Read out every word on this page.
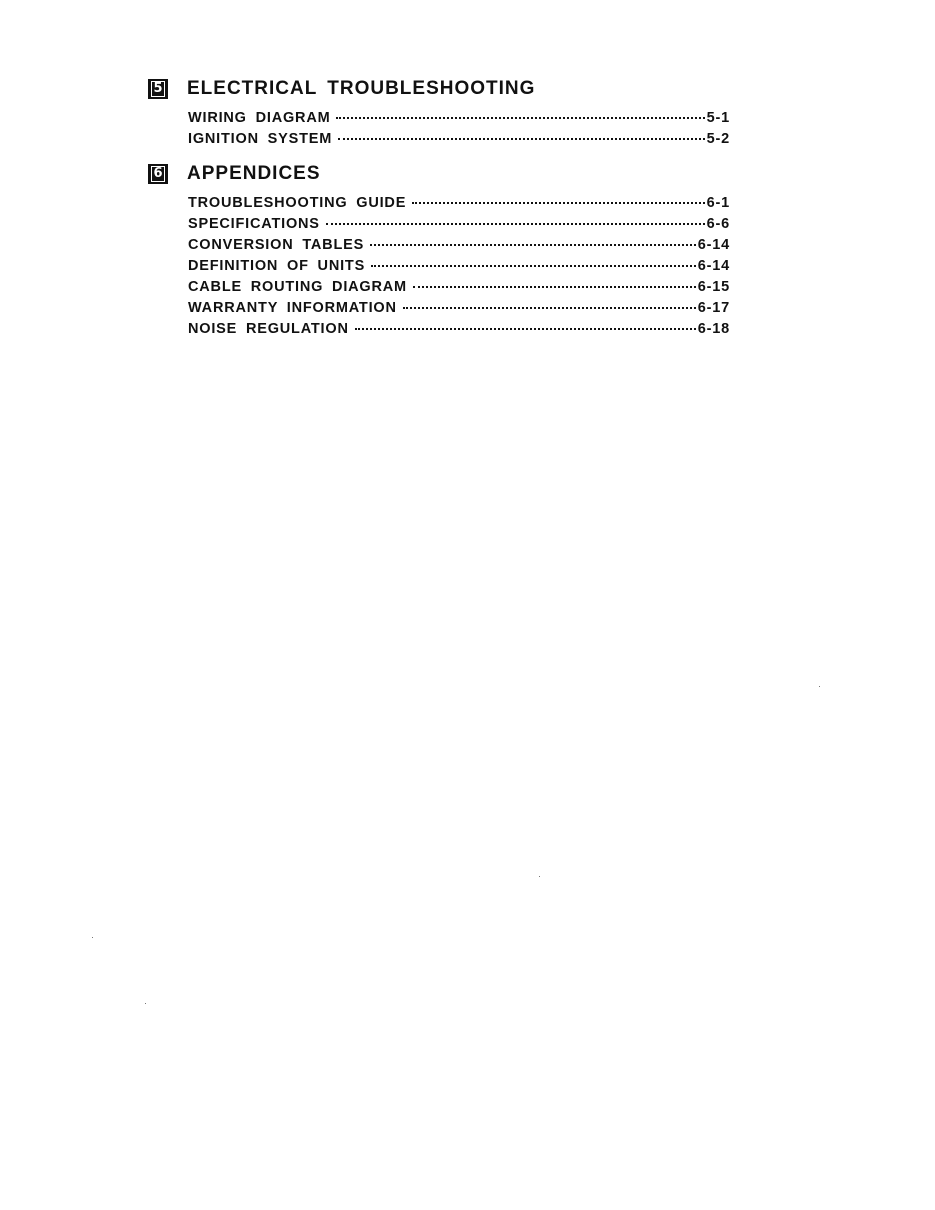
5 ELECTRICAL TROUBLESHOOTING
WIRING DIAGRAM	5-1
IGNITION SYSTEM	5-2
6 APPENDICES
TROUBLESHOOTING GUIDE	6-1
SPECIFICATIONS	6-6
CONVERSION TABLES	6-14
DEFINITION OF UNITS	6-14
CABLE ROUTING DIAGRAM	6-15
WARRANTY INFORMATION	6-17
NOISE REGULATION	6-18
